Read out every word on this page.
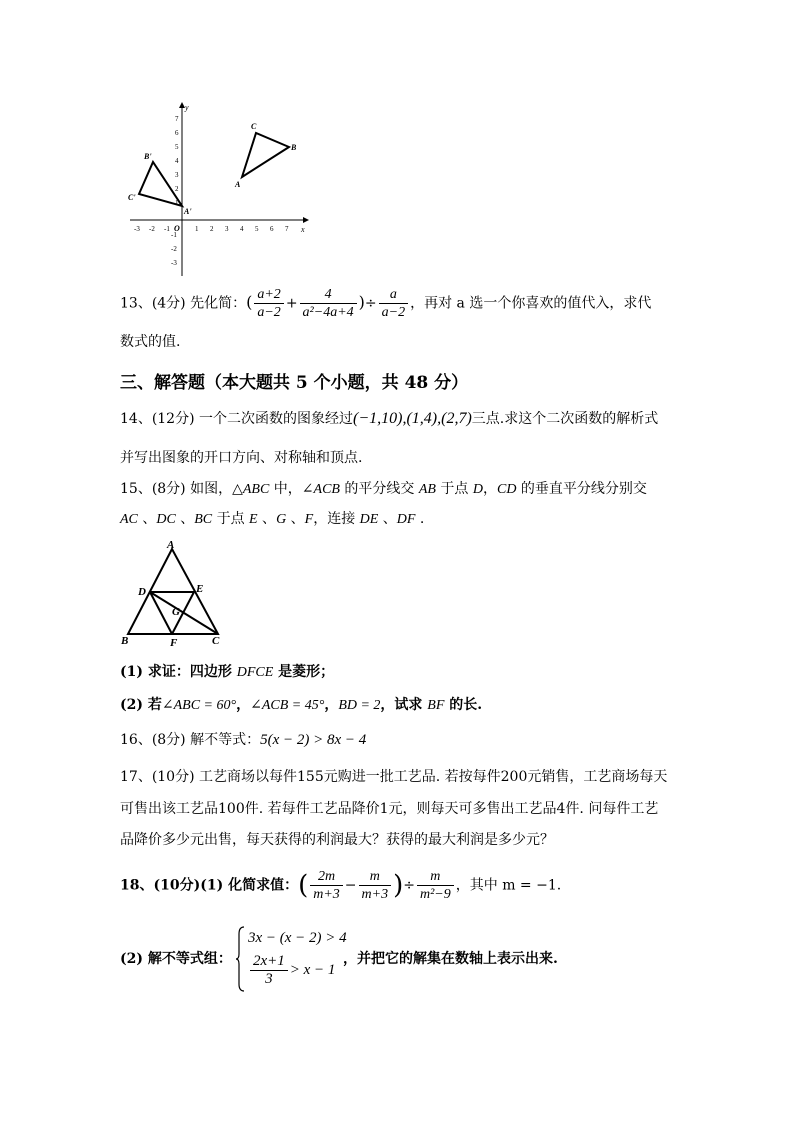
x
y
O
-3 -2 -1	1 2 3 4 5 6 7
7
6
5
4
3
2
1
-1
-2
-3
A
B
C
A'
B'
C'
13、(4分) 先化简：( $\frac{a+2}{a-2} + \frac{4}{\text{a²−4a+4}}$ )÷ $\frac{a}{a-2}$ ，再对 a 选一个你喜欢的值代入，求代
数式的值.
三、解答题（本大题共 5 个小题，共 48 分）
14、(12分) 一个二次函数的图象经过(−1,10),(1,4),(2,7)三点.求这个二次函数的解析式
并写出图象的开口方向、对称轴和顶点.
15、(8分) 如图，△ABC 中，∠ACB 的平分线交 AB 于点 D，CD 的垂直平分线分别交
AC 、DC 、BC 于点 E 、G 、F，连接 DE 、DF .
A
B	C
D	E
F
G
(1) 求证：四边形 DFCE 是菱形；
(2) 若∠ABC = 60°，∠ACB = 45°，BD = 2，试求 BF 的长.
16、(8分) 解不等式：5(x − 2) > 8x − 4
17、(10分) 工艺商场以每件155元购进一批工艺品. 若按每件200元销售，工艺商场每天
可售出该工艺品100件. 若每件工艺品降价1元，则每天可多售出工艺品4件. 问每件工艺
品降价多少元出售，每天获得的利润最大？获得的最大利润是多少元？
18、(10分)(1) 化简求值：( $\frac{2m}{m+3} - \frac{m}{m+3}$ )÷ $\frac{m}{\text{m²−9}}$ ，其中 m = −1.
(2) 解不等式组：
3x − (x − 2) > 4
$\frac{2x+1}{3} > x - 1$
，并把它的解集在数轴上表示出来.
